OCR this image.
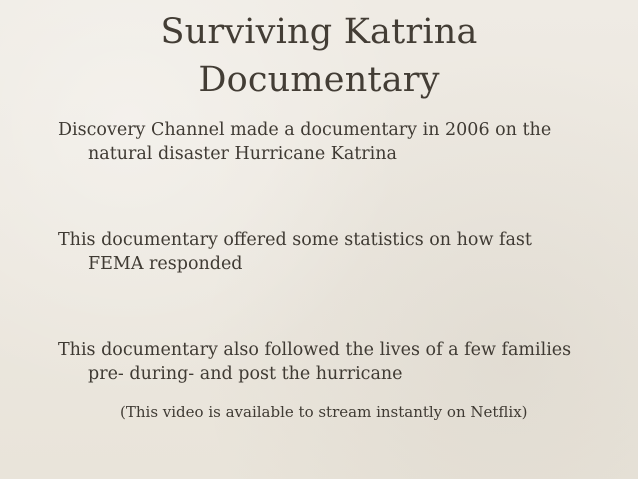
Surviving Katrina
Documentary
Discovery Channel made a documentary in 2006 on the
natural disaster Hurricane Katrina
This documentary offered some statistics on how fast
FEMA responded
This documentary also followed the lives of a few families
pre- during- and post the hurricane
(This video is available to stream instantly on Netflix)
